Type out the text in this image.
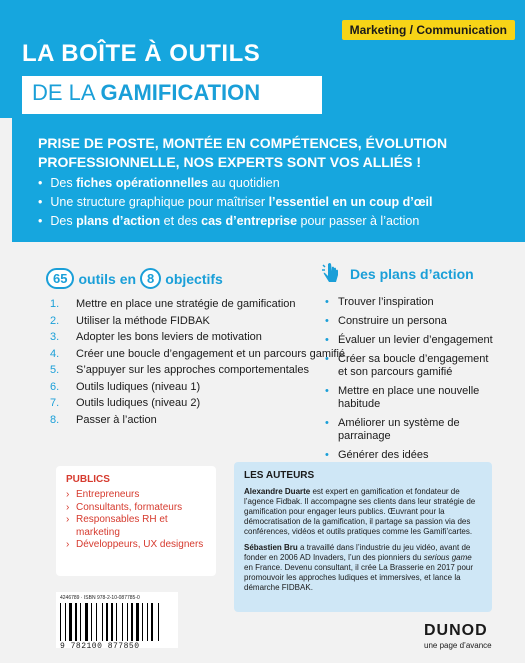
Marketing / Communication
LA BOÎTE À OUTILS
DE LA GAMIFICATION
PRISE DE POSTE, MONTÉE EN COMPÉTENCES, ÉVOLUTION PROFESSIONNELLE, NOS EXPERTS SONT VOS ALLIÉS !
• Des fiches opérationnelles au quotidien
• Une structure graphique pour maîtriser l’essentiel en un coup d’œil
• Des plans d’action et des cas d’entreprise pour passer à l’action
65 outils en 8 objectifs
1.	Mettre en place une stratégie de gamification
2.	Utiliser la méthode FIDBAK
3.	Adopter les bons leviers de motivation
4.	Créer une boucle d’engagement et un parcours gamifié
5.	S’appuyer sur les approches comportementales
6.	Outils ludiques (niveau 1)
7.	Outils ludiques (niveau 2)
8.	Passer à l’action
Des plans d’action
• Trouver l’inspiration
• Construire un persona
• Évaluer un levier d’engagement
• Créer sa boucle d’engagement et son parcours gamifié
• Mettre en place une nouvelle habitude
• Améliorer un système de parrainage
• Générer des idées
•
PUBLICS
› Entrepreneurs
› Consultants, formateurs
› Responsables RH et marketing
› Développeurs, UX designers
LES AUTEURS

Alexandre Duarte est expert en gamification et fondateur de l’agence Fidbak. Il accompagne ses clients dans leur stratégie de gamification pour engager leurs publics. Œuvrant pour la démocratisation de la gamification, il partage sa passion via des conférences, vidéos et outils pratiques comme les Gamifi’cartes.

Sébastien Bru a travaillé dans l’industrie du jeu vidéo, avant de fonder en 2006 AD Invaders, l’un des pionniers du serious game en France. Devenu consultant, il crée La Brasserie en 2017 pour promouvoir les approches ludiques et immersives, et lance la démarche FIDBAK.

4246789 · ISBN 978-2-10-087785-0
9 782100 877850
DUNOD
une page d’avance
